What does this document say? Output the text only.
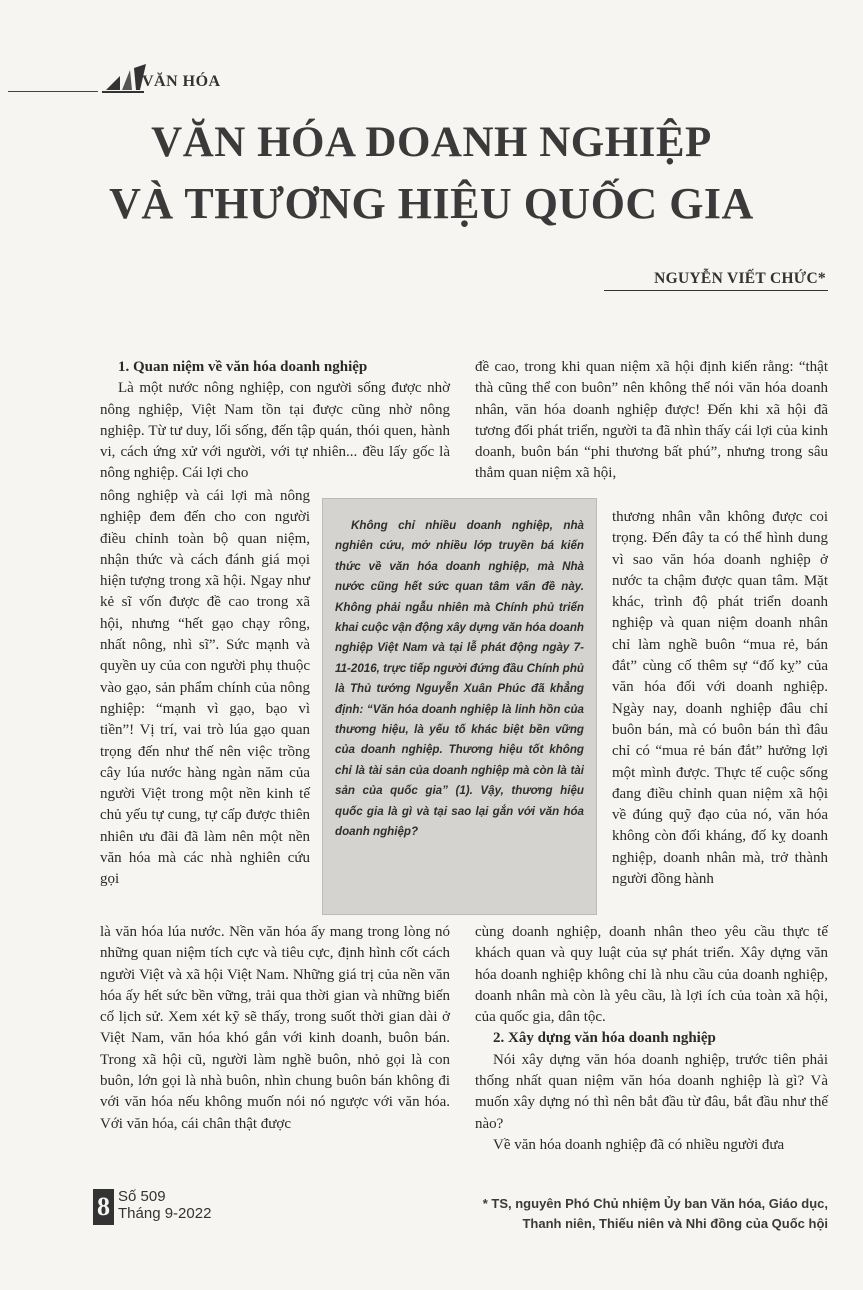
VĂN HÓA
VĂN HÓA DOANH NGHIỆP
VÀ THƯƠNG HIỆU QUỐC GIA
NGUYỄN VIẾT CHỨC*
1. Quan niệm về văn hóa doanh nghiệp

Là một nước nông nghiệp, con người sống được nhờ nông nghiệp, Việt Nam tồn tại được cũng nhờ nông nghiệp. Từ tư duy, lối sống, đến tập quán, thói quen, hành vi, cách ứng xử với người, với tự nhiên... đều lấy gốc là nông nghiệp. Cái lợi cho

nông nghiệp và cái lợi mà nông nghiệp đem đến cho con người điều chỉnh toàn bộ quan niệm, nhận thức và cách đánh giá mọi hiện tượng trong xã hội. Ngay như kẻ sĩ vốn được đề cao trong xã hội, nhưng “hết gạo chạy rông, nhất nông, nhì sĩ”. Sức mạnh và quyền uy của con người phụ thuộc vào gạo, sản phẩm chính của nông nghiệp: “mạnh vì gạo, bạo vì tiền”! Vị trí, vai trò lúa gạo quan trọng đến như thế nên việc trồng cây lúa nước hàng ngàn năm của người Việt trong một nền kinh tế chủ yếu tự cung, tự cấp được thiên nhiên ưu đãi đã làm nên một nền văn hóa mà các nhà nghiên cứu gọi

là văn hóa lúa nước. Nền văn hóa ấy mang trong lòng nó những quan niệm tích cực và tiêu cực, định hình cốt cách người Việt và xã hội Việt Nam. Những giá trị của nền văn hóa ấy hết sức bền vững, trải qua thời gian và những biến cố lịch sử. Xem xét kỹ sẽ thấy, trong suốt thời gian dài ở Việt Nam, văn hóa khó gắn với kinh doanh, buôn bán. Trong xã hội cũ, người làm nghề buôn, nhỏ gọi là con buôn, lớn gọi là nhà buôn, nhìn chung buôn bán không đi với văn hóa nếu không muốn nói nó ngược với văn hóa. Với văn hóa, cái chân thật được

đề cao, trong khi quan niệm xã hội định kiến rằng: “thật thà cũng thể con buôn” nên không thể nói văn hóa doanh nhân, văn hóa doanh nghiệp được! Đến khi xã hội đã tương đối phát triển, người ta đã nhìn thấy cái lợi của kinh doanh, buôn bán “phi thương bất phú”, nhưng trong sâu thẳm quan niệm xã hội,

thương nhân vẫn không được coi trọng. Đến đây ta có thể hình dung vì sao văn hóa doanh nghiệp ở nước ta chậm được quan tâm. Mặt khác, trình độ phát triển doanh nghiệp và quan niệm doanh nhân chỉ làm nghề buôn “mua rẻ, bán đắt” cùng cố thêm sự “đố kỵ” của văn hóa đối với doanh nghiệp. Ngày nay, doanh nghiệp đâu chỉ buôn bán, mà có buôn bán thì đâu chỉ có “mua rẻ bán đắt” hưởng lợi một mình được. Thực tế cuộc sống đang điều chỉnh quan niệm xã hội về đúng quỹ đạo của nó, văn hóa không còn đối kháng, đố kỵ doanh nghiệp, doanh nhân mà, trở thành người đồng hành

cùng doanh nghiệp, doanh nhân theo yêu cầu thực tế khách quan và quy luật của sự phát triển. Xây dựng văn hóa doanh nghiệp không chỉ là nhu cầu của doanh nghiệp, doanh nhân mà còn là yêu cầu, là lợi ích của toàn xã hội, của quốc gia, dân tộc.

2. Xây dựng văn hóa doanh nghiệp

Nói xây dựng văn hóa doanh nghiệp, trước tiên phải thống nhất quan niệm văn hóa doanh nghiệp là gì? Và muốn xây dựng nó thì nên bắt đầu từ đâu, bắt đầu như thế nào?

Về văn hóa doanh nghiệp đã có nhiều người đưa

Không chỉ nhiều doanh nghiệp, nhà nghiên cứu, mở nhiều lớp truyền bá kiến thức về văn hóa doanh nghiệp, mà Nhà nước cũng hết sức quan tâm vấn đề này. Không phải ngẫu nhiên mà Chính phủ triển khai cuộc vận động xây dựng văn hóa doanh nghiệp Việt Nam và tại lễ phát động ngày 7-11-2016, trực tiếp người đứng đầu Chính phủ là Thủ tướng Nguyễn Xuân Phúc đã khẳng định: “Văn hóa doanh nghiệp là linh hồn của thương hiệu, là yếu tố khác biệt bền vững của doanh nghiệp. Thương hiệu tốt không chỉ là tài sản của doanh nghiệp mà còn là tài sản của quốc gia” (1). Vậy, thương hiệu quốc gia là gì và tại sao lại gắn với văn hóa doanh nghiệp?

8 Số 509
Tháng 9-2022
* TS, nguyên Phó Chủ nhiệm Ủy ban Văn hóa, Giáo dục,
Thanh niên, Thiếu niên và Nhi đồng của Quốc hội
